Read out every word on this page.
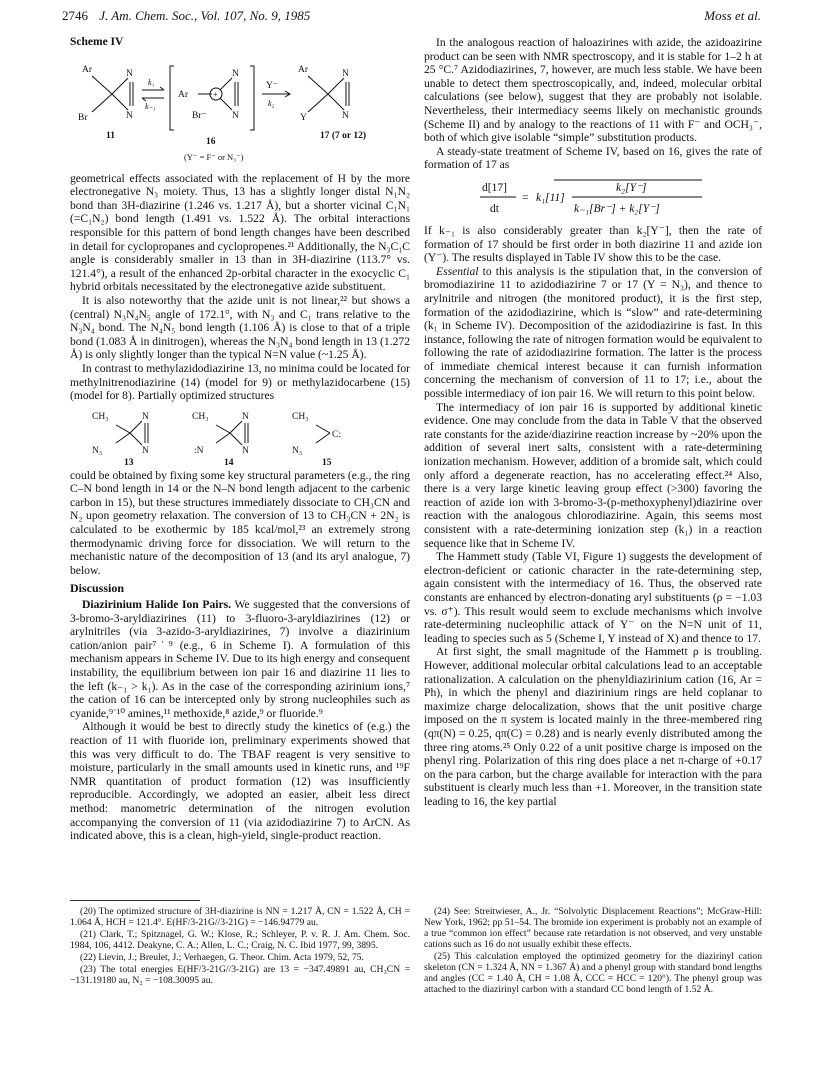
2746 J. Am. Chem. Soc., Vol. 107, No. 9, 1985	Moss et al.
Scheme IV
Ar
Br
N
N
k₁
k₋₁
Ar	+
N
N
Br⁻
Y⁻
k₂
Ar
Y
N
N
11
16
17 (7 or 12)
(Y⁻ = F⁻ or N₃⁻)

geometrical effects associated with the replacement of H by the more electronegative N₃ moiety. Thus, 13 has a slightly longer distal N₁N₂ bond than 3H-diazirine (1.246 vs. 1.217 Å), but a shorter vicinal C₁N₁ (=C₁N₂) bond length (1.491 vs. 1.522 Å). The orbital interactions responsible for this pattern of bond length changes have been described in detail for cyclopropanes and cyclopropenes.²¹ Additionally, the N₃C₁C angle is considerably smaller in 13 than in 3H-diazirine (113.7° vs. 121.4°), a result of the enhanced 2p-orbital character in the exocyclic C₁ hybrid orbitals necessitated by the electronegative azide substituent.

It is also noteworthy that the azide unit is not linear,²² but shows a (central) N₃N₄N₅ angle of 172.1°, with N₃ and C₁ trans relative to the N₃N₄ bond. The N₄N₅ bond length (1.106 Å) is close to that of a triple bond (1.083 Å in dinitrogen), whereas the N₃N₄ bond length in 13 (1.272 Å) is only slightly longer than the typical N=N value (~1.25 Å).

In contrast to methylazidodiazirine 13, no minima could be located for methylnitrenodiazirine (14) (model for 9) or methylazidocarbene (15) (model for 8). Partially optimized structures

CH₃
N₃
N
N
CH₃
:N
N
N
CH₃
N₃
C:
13	14	15

could be obtained by fixing some key structural parameters (e.g., the ring C–N bond length in 14 or the N–N bond length adjacent to the carbenic carbon in 15), but these structures immediately dissociate to CH₃CN and N₂ upon geometry relaxation. The conversion of 13 to CH₃CN + 2N₂ is calculated to be exothermic by 185 kcal/mol,²³ an extremely strong thermodynamic driving force for dissociation. We will return to the mechanistic nature of the decomposition of 13 (and its aryl analogue, 7) below.

Discussion

Diazirinium Halide Ion Pairs. We suggested that the conversions of 3-bromo-3-aryldiazirines (11) to 3-fluoro-3-aryldiazirines (12) or arylnitriles (via 3-azido-3-aryldiazirines, 7) involve a diazirinium cation/anion pair⁷˙⁹ (e.g., 6 in Scheme I). A formulation of this mechanism appears in Scheme IV. Due to its high energy and consequent instability, the equilibrium between ion pair 16 and diazirine 11 lies to the left (k₋₁ > k₁). As in the case of the corresponding azirinium ions,⁷ the cation of 16 can be intercepted only by strong nucleophiles such as cyanide,⁹˙¹⁰ amines,¹¹ methoxide,⁸ azide,⁹ or fluoride.⁹

Although it would be best to directly study the kinetics of (e.g.) the reaction of 11 with fluoride ion, preliminary experiments showed that this was very difficult to do. The TBAF reagent is very sensitive to moisture, particularly in the small amounts used in kinetic runs, and ¹⁹F NMR quantitation of product formation (12) was insufficiently reproducible. Accordingly, we adopted an easier, albeit less direct method: manometric determination of the nitrogen evolution accompanying the conversion of 11 (via azidodiazirine 7) to ArCN. As indicated above, this is a clean, high-yield, single-product reaction.

In the analogous reaction of haloazirines with azide, the azidoazirine product can be seen with NMR spectroscopy, and it is stable for 1–2 h at 25 °C.⁷ Azidodiazirines, 7, however, are much less stable. We have been unable to detect them spectroscopically, and, indeed, molecular orbital calculations (see below), suggest that they are probably not isolable. Nevertheless, their intermediacy seems likely on mechanistic grounds (Scheme II) and by analogy to the reactions of 11 with F⁻ and OCH₃⁻, both of which give isolable “simple” substitution products.

A steady-state treatment of Scheme IV, based on 16, gives the rate of formation of 17 as

d[17]
dt
= k₁[11]
k₂[Y⁻]
k₋₁[Br⁻] + k₂[Y⁻]

If k₋₁ is also considerably greater than k₂[Y⁻], then the rate of formation of 17 should be first order in both diazirine 11 and azide ion (Y⁻). The results displayed in Table IV show this to be the case.

Essential to this analysis is the stipulation that, in the conversion of bromodiazirine 11 to azidodiazirine 7 or 17 (Y = N₃), and thence to arylnitrile and nitrogen (the monitored product), it is the first step, formation of the azidodiazirine, which is “slow” and rate-determining (k₁ in Scheme IV). Decomposition of the azidodiazirine is fast. In this instance, following the rate of nitrogen formation would be equivalent to following the rate of azidodiazirine formation. The latter is the process of immediate chemical interest because it can furnish information concerning the mechanism of conversion of 11 to 17; i.e., about the possible intermediacy of ion pair 16. We will return to this point below.

The intermediacy of ion pair 16 is supported by additional kinetic evidence. One may conclude from the data in Table V that the observed rate constants for the azide/diazirine reaction increase by ~20% upon the addition of several inert salts, consistent with a rate-determining ionization mechanism. However, addition of a bromide salt, which could only afford a degenerate reaction, has no accelerating effect.²⁴ Also, there is a very large kinetic leaving group effect (>300) favoring the reaction of azide ion with 3-bromo-3-(p-methoxyphenyl)diazirine over reaction with the analogous chlorodiazirine. Again, this seems most consistent with a rate-determining ionization step (k₁) in a reaction sequence like that in Scheme IV.

The Hammett study (Table VI, Figure 1) suggests the development of electron-deficient or cationic character in the rate-determining step, again consistent with the intermediacy of 16. Thus, the observed rate constants are enhanced by electron-donating aryl substituents (ρ = −1.03 vs. σ⁺). This result would seem to exclude mechanisms which involve rate-determining nucleophilic attack of Y⁻ on the N=N unit of 11, leading to species such as 5 (Scheme I, Y instead of X) and thence to 17.

At first sight, the small magnitude of the Hammett ρ is troubling. However, additional molecular orbital calculations lead to an acceptable rationalization. A calculation on the phenyldiazirinium cation (16, Ar = Ph), in which the phenyl and diazirinium rings are held coplanar to maximize charge delocalization, shows that the unit positive charge imposed on the π system is located mainly in the three-membered ring (qπ(N) = 0.25, qπ(C) = 0.28) and is nearly evenly distributed among the three ring atoms.²⁵ Only 0.22 of a unit positive charge is imposed on the phenyl ring. Polarization of this ring does place a net π-charge of +0.17 on the para carbon, but the charge available for interaction with the para substituent is clearly much less than +1. Moreover, in the transition state leading to 16, the key partial

(20) The optimized structure of 3H-diazirine is NN = 1.217 Å, CN = 1.522 Å, CH = 1.064 Å, HCH = 121.4°. E(HF/3-21G//3-21G) = −146.94779 au.

(21) Clark, T.; Spitznagel, G. W.; Klose, R.; Schleyer, P. v. R. J. Am. Chem. Soc. 1984, 106, 4412. Deakyne, C. A.; Allen, L. C.; Craig, N. C. Ibid 1977, 99, 3895.

(22) Lievin, J.; Breulet, J.; Verhaegen, G. Theor. Chim. Acta 1979, 52, 75.

(23) The total energies E(HF/3-21G//3-21G) are 13 = −347.49891 au, CH₃CN = −131.19180 au, N₂ = −108.30095 au.

(24) See: Streitwieser, A., Jr. “Solvolytic Displacement Reactions”; McGraw-Hill: New York, 1962; pp 51–54. The bromide ion experiment is probably not an example of a true “common ion effect” because rate retardation is not observed, and very unstable cations such as 16 do not usually exhibit these effects.

(25) This calculation employed the optimized geometry for the diazirinyl cation skeleton (CN = 1.324 Å, NN = 1.367 Å) and a phenyl group with standard bond lengths and angles (CC = 1.40 Å, CH = 1.08 Å, CCC = HCC = 120°). The phenyl group was attached to the diazirinyl carbon with a standard CC bond length of 1.52 Å.
